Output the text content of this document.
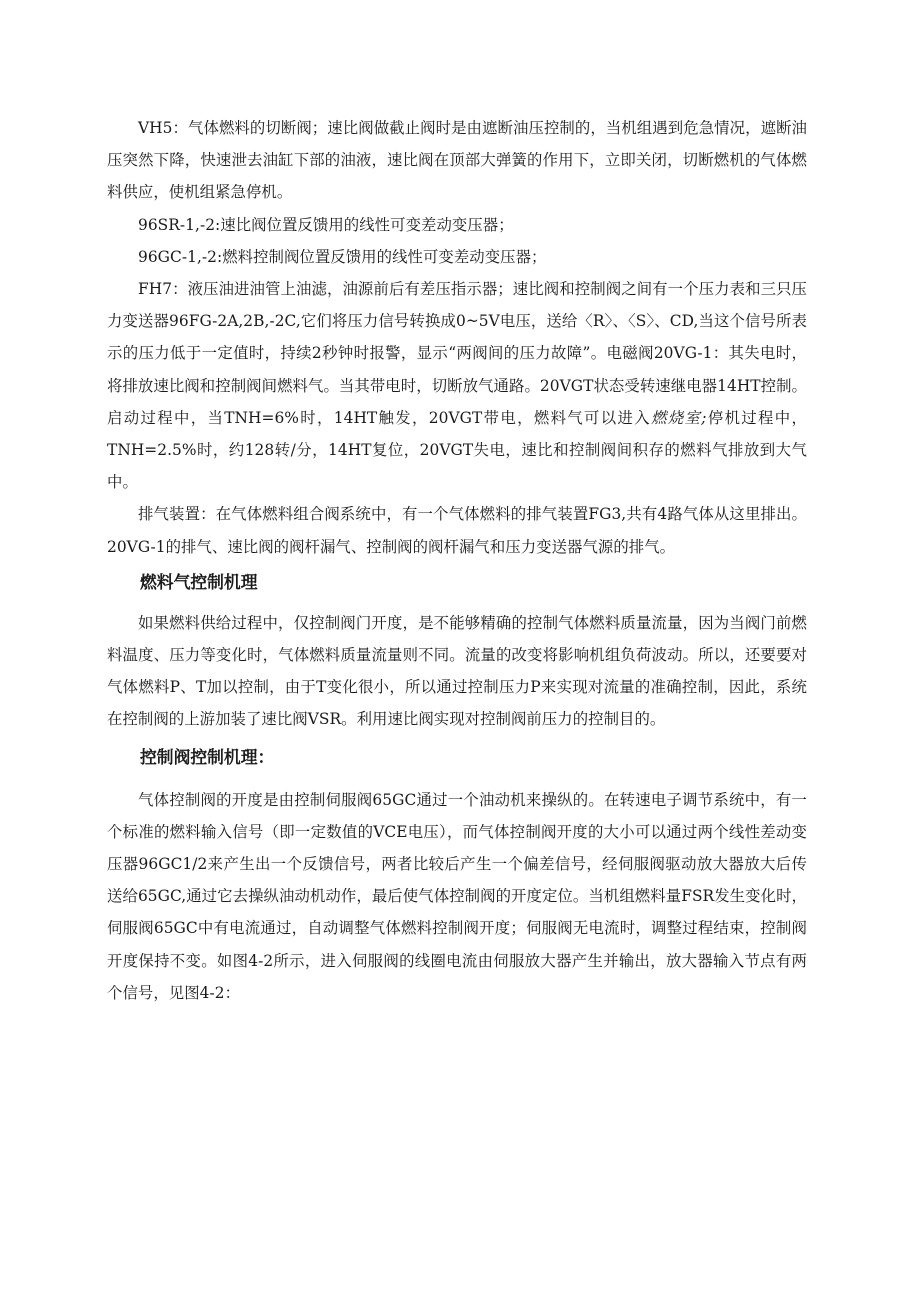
VH5：气体燃料的切断阀；速比阀做截止阀时是由遮断油压控制的，当机组遇到危急情况，遮断油压突然下降，快速泄去油缸下部的油液，速比阀在顶部大弹簧的作用下，立即关闭，切断燃机的气体燃料供应，使机组紧急停机。

96SR-1,-2:速比阀位置反馈用的线性可变差动变压器；

96GC-1,-2:燃料控制阀位置反馈用的线性可变差动变压器；

FH7：液压油进油管上油滤，油源前后有差压指示器；速比阀和控制阀之间有一个压力表和三只压力变送器96FG-2A,2B,-2C,它们将压力信号转换成0~5V电压，送给〈R〉、〈S〉、CD,当这个信号所表示的压力低于一定值时，持续2秒钟时报警，显示“两阀间的压力故障”。电磁阀20VG-1：其失电时，将排放速比阀和控制阀间燃料气。当其带电时，切断放气通路。20VGT状态受转速继电器14HT控制。启动过程中，当TNH=6%时，14HT触发，20VGT带电，燃料气可以进入燃烧室;停机过程中，TNH=2.5%时，约128转/分，14HT复位，20VGT失电，速比和控制阀间积存的燃料气排放到大气中。

排气装置：在气体燃料组合阀系统中，有一个气体燃料的排气装置FG3,共有4路气体从这里排出。20VG-1的排气、速比阀的阀杆漏气、控制阀的阀杆漏气和压力变送器气源的排气。

燃料气控制机理

如果燃料供给过程中，仅控制阀门开度，是不能够精确的控制气体燃料质量流量，因为当阀门前燃料温度、压力等变化时，气体燃料质量流量则不同。流量的改变将影响机组负荷波动。所以，还要要对气体燃料P、T加以控制，由于T变化很小，所以通过控制压力P来实现对流量的准确控制，因此，系统在控制阀的上游加装了速比阀VSR。利用速比阀实现对控制阀前压力的控制目的。

控制阀控制机理：

气体控制阀的开度是由控制伺服阀65GC通过一个油动机来操纵的。在转速电子调节系统中，有一个标准的燃料输入信号（即一定数值的VCE电压），而气体控制阀开度的大小可以通过两个线性差动变压器96GC1/2来产生出一个反馈信号，两者比较后产生一个偏差信号，经伺服阀驱动放大器放大后传送给65GC,通过它去操纵油动机动作，最后使气体控制阀的开度定位。当机组燃料量FSR发生变化时，伺服阀65GC中有电流通过，自动调整气体燃料控制阀开度；伺服阀无电流时，调整过程结束，控制阀开度保持不变。如图4-2所示，进入伺服阀的线圈电流由伺服放大器产生并输出，放大器输入节点有两个信号，见图4-2：
